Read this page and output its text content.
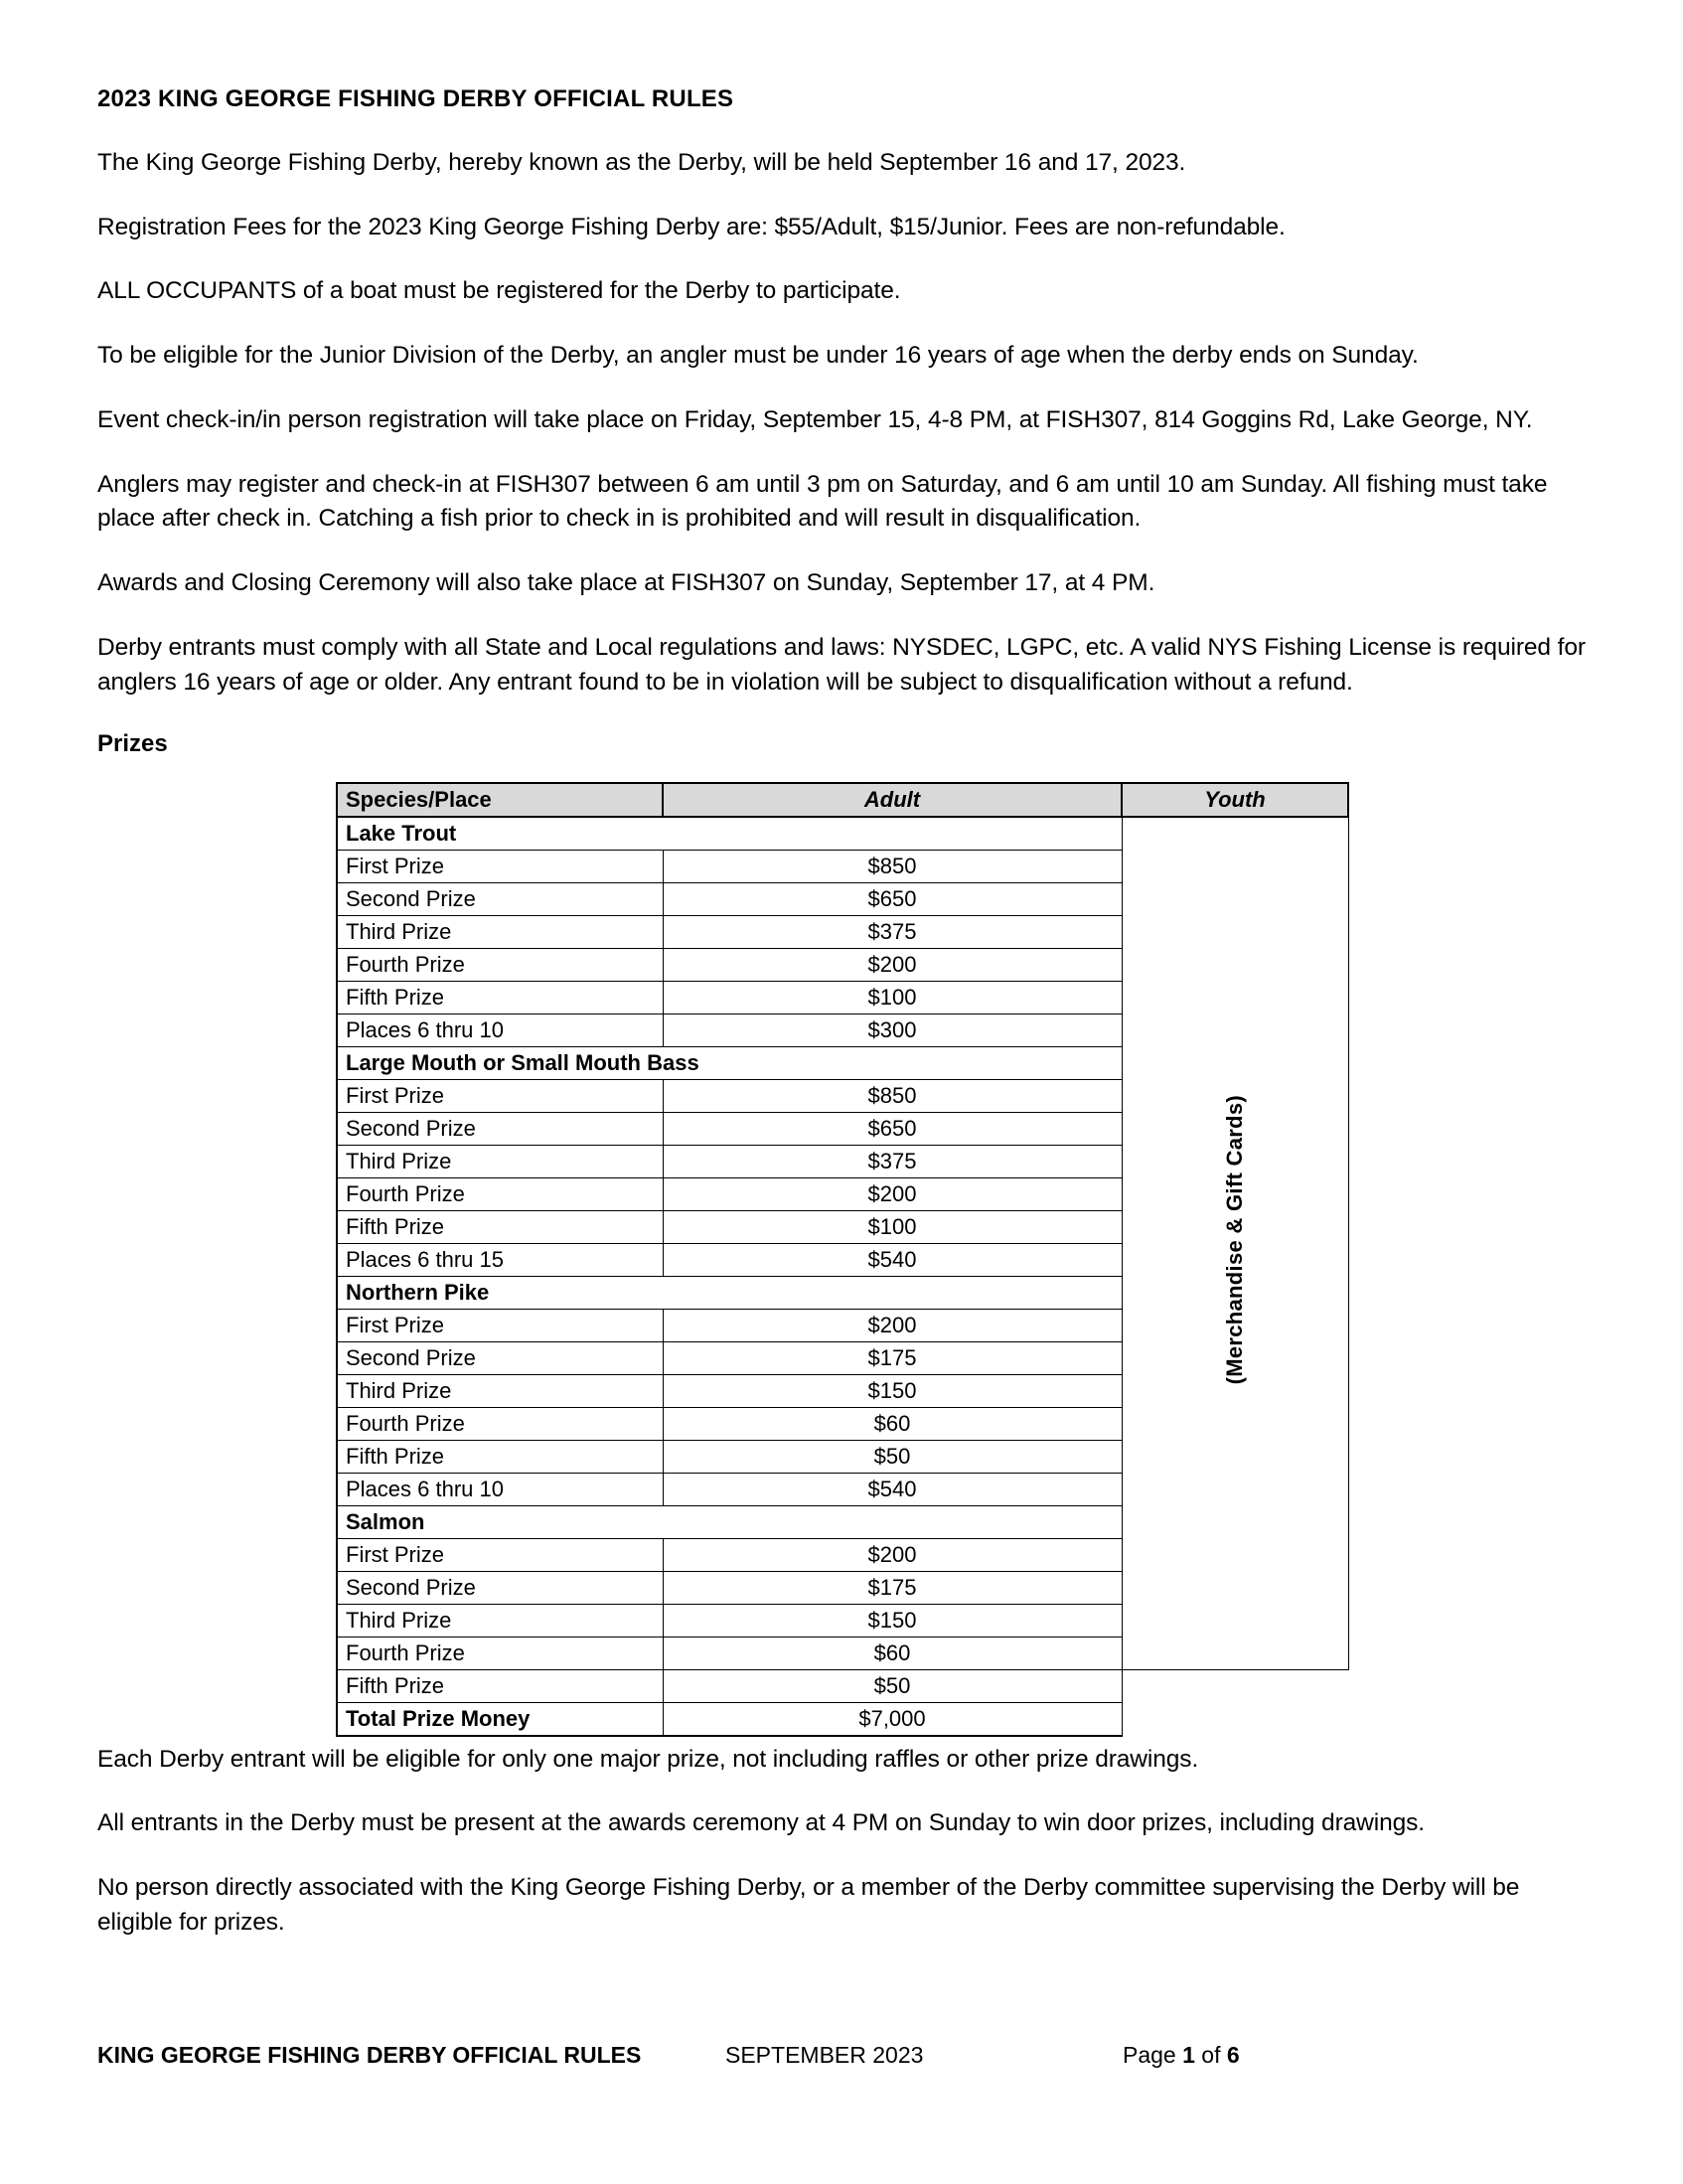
2023 KING GEORGE FISHING DERBY OFFICIAL RULES

The King George Fishing Derby, hereby known as the Derby, will be held September 16 and 17, 2023.

Registration Fees for the 2023 King George Fishing Derby are: $55/Adult, $15/Junior. Fees are non-refundable.

ALL OCCUPANTS of a boat must be registered for the Derby to participate.

To be eligible for the Junior Division of the Derby, an angler must be under 16 years of age when the derby ends on Sunday.

Event check-in/in person registration will take place on Friday, September 15, 4-8 PM, at FISH307, 814 Goggins Rd, Lake George, NY.

Anglers may register and check-in at FISH307 between 6 am until 3 pm on Saturday, and 6 am until 10 am Sunday. All fishing must take place after check in. Catching a fish prior to check in is prohibited and will result in disqualification.

Awards and Closing Ceremony will also take place at FISH307 on Sunday, September 17, at 4 PM.

Derby entrants must comply with all State and Local regulations and laws: NYSDEC, LGPC, etc. A valid NYS Fishing License is required for anglers 16 years of age or older. Any entrant found to be in violation will be subject to disqualification without a refund.

Prizes
Species/Place	Adult	Youth
Lake Trout		(Merchandise & Gift Cards)
First Prize	$850	
Second Prize	$650	
Third Prize	$375	
Fourth Prize	$200	
Fifth Prize	$100	
Places 6 thru 10	$300	
Large Mouth or Small Mouth Bass		
First Prize	$850	
Second Prize	$650	
Third Prize	$375	
Fourth Prize	$200	
Fifth Prize	$100	
Places 6 thru 15	$540	
Northern Pike		
First Prize	$200	
Second Prize	$175	
Third Prize	$150	
Fourth Prize	$60	
Fifth Prize	$50	
Places 6 thru 10	$540	
Salmon		
First Prize	$200	
Second Prize	$175	
Third Prize	$150	
Fourth Prize	$60	
Fifth Prize	$50	
Total Prize Money	$7,000	

Each Derby entrant will be eligible for only one major prize, not including raffles or other prize drawings.

All entrants in the Derby must be present at the awards ceremony at 4 PM on Sunday to win door prizes, including drawings.

No person directly associated with the King George Fishing Derby, or a member of the Derby committee supervising the Derby will be eligible for prizes.

KING GEORGE FISHING DERBY OFFICIAL RULES	SEPTEMBER 2023	Page 1 of 6
